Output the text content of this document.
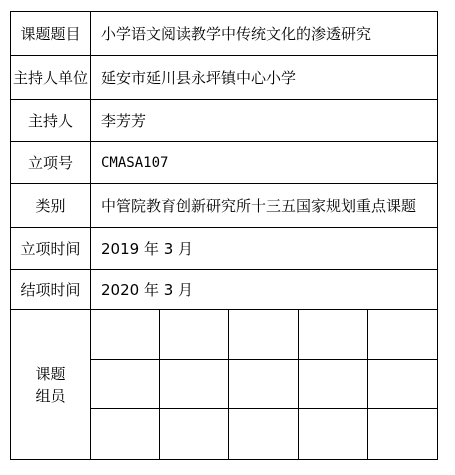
课题题目	小学语文阅读教学中传统文化的渗透研究
主持人单位 延安市延川县永坪镇中心小学
主持人	李芳芳
立项号	CMASA107
类别	中管院教育创新研究所十三五国家规划重点课题
立项时间	2019 年 3 月
结项时间	2020 年 3 月
课题
组员
